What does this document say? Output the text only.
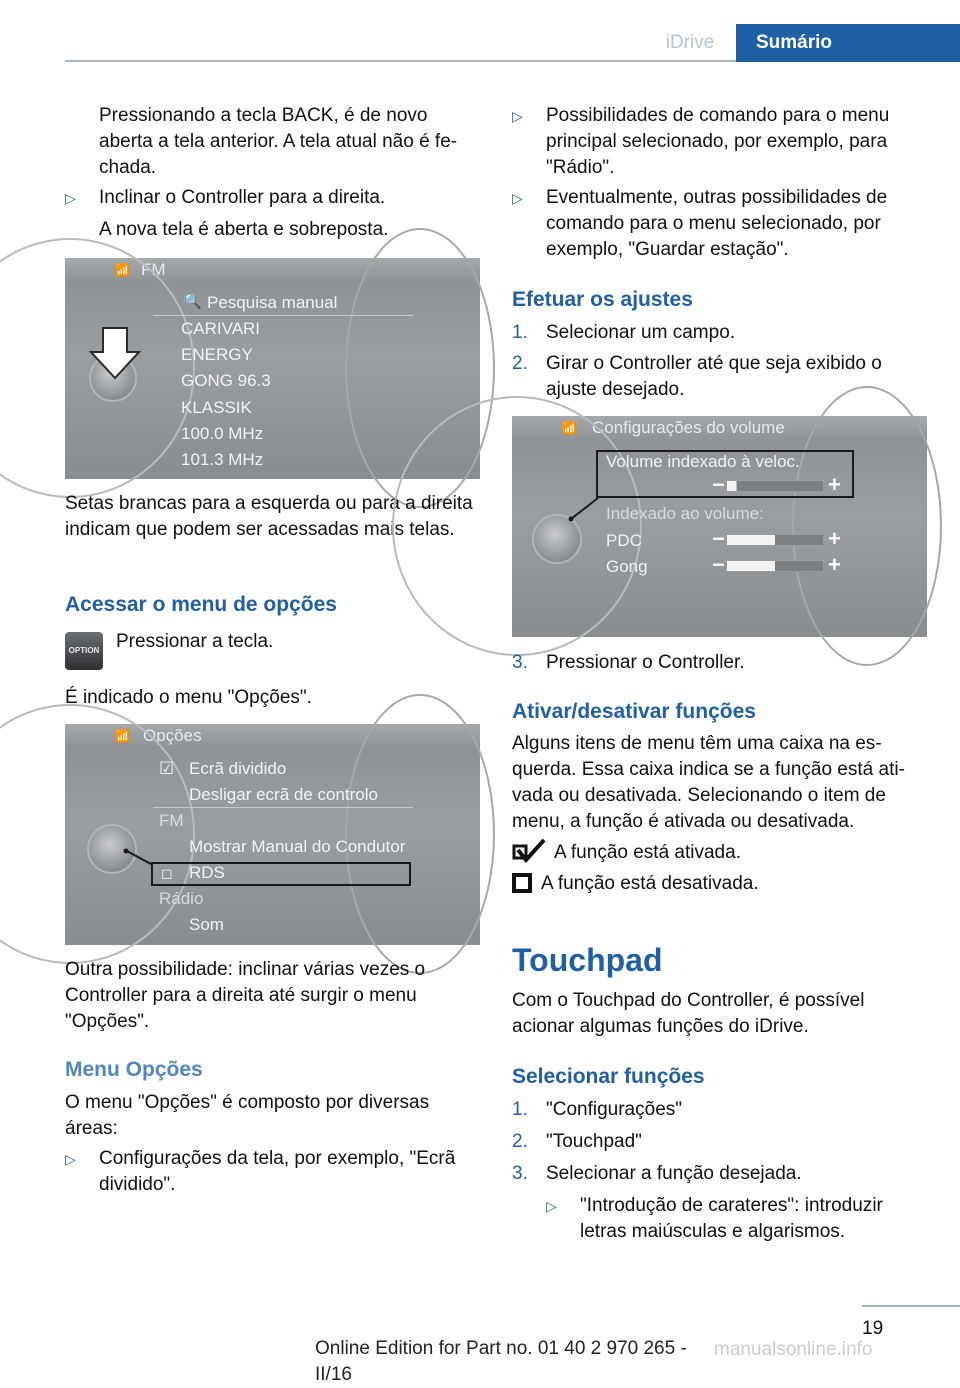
iDrive	Sumário
Pressionando a tecla BACK, é de novo aberta a tela anterior. A tela atual não é fechada.
▷ Inclinar o Controller para a direita.
A nova tela é aberta e sobreposta.
📶 FM
🔍 Pesquisa manual
CARIVARI
ENERGY
GONG 96.3
KLASSIK
100.0 MHz
101.3 MHz
Setas brancas para a esquerda ou para a direita indicam que podem ser acessadas mais telas.
Acessar o menu de opções
OPTION Pressionar a tecla.
É indicado o menu "Opções".
📶 Opções
☑ Ecrã dividido
Desligar ecrã de controlo
FM
Mostrar Manual do Condutor
◻ RDS
Rádio
Som
Outra possibilidade: inclinar várias vezes o Controller para a direita até surgir o menu "Opções".
Menu Opções
O menu "Opções" é composto por diversas áreas:
▷ Configurações da tela, por exemplo, "Ecrã dividido".
▷ Possibilidades de comando para o menu principal selecionado, por exemplo, para "Rádio".
▷ Eventualmente, outras possibilidades de comando para o menu selecionado, por exemplo, "Guardar estação".
Efetuar os ajustes
1. Selecionar um campo.
2. Girar o Controller até que seja exibido o ajuste desejado.
📶 Configurações do volume
Volume indexado à veloc.
−	+
Indexado ao volume:
PDC	−	+
Gong	−	+
3. Pressionar o Controller.
Ativar/desativar funções
Alguns itens de menu têm uma caixa na esquerda. Essa caixa indica se a função está ativada ou desativada. Selecionando o item de menu, a função é ativada ou desativada.
A função está ativada.
A função está desativada.
Touchpad
Com o Touchpad do Controller, é possível acionar algumas funções do iDrive.
Selecionar funções
1. "Configurações"
2. "Touchpad"
3. Selecionar a função desejada.
▷ "Introdução de carateres": introduzir letras maiúsculas e algarismos.
19
Online Edition for Part no. 01 40 2 970 265 - II/16
manualsonline.info
